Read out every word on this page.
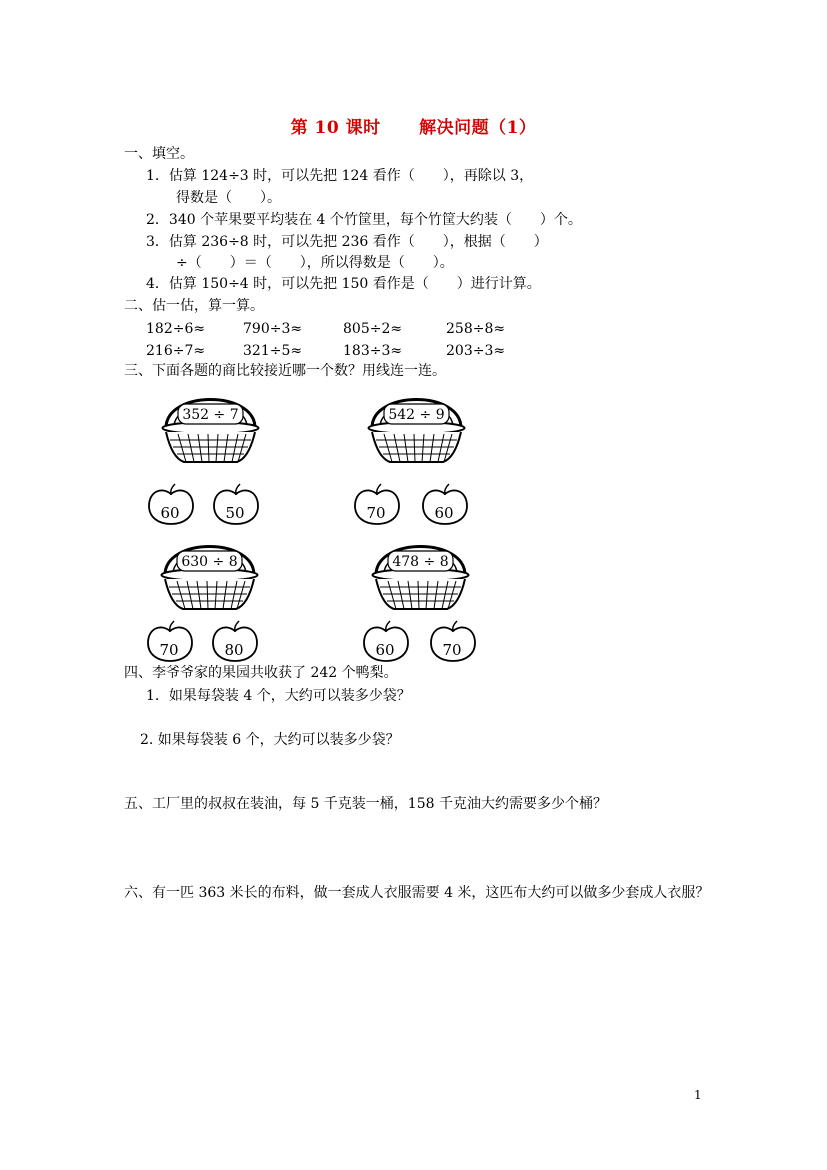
第 10 课时      解决问题（1）
一、填空。
1．估算 124÷3 时，可以先把 124 看作（　　），再除以 3，
得数是（　　）。
2．340 个苹果要平均装在 4 个竹筐里，每个竹筐大约装（　　）个。
3．估算 236÷8 时，可以先把 236 看作（　　），根据（　　）
÷（　　）＝（　　），所以得数是（　　）。
4．估算 150÷4 时，可以先把 150 看作是（　　）进行计算。
二、估一估，算一算。
182÷6≈	790÷3≈	805÷2≈	258÷8≈
216÷7≈	321÷5≈	183÷3≈	203÷3≈
三、下面各题的商比较接近哪一个数？用线连一连。
352 ÷ 7	542 ÷ 9
60	50	70	60
630 ÷ 8	478 ÷ 8
70	80	60	70
四、李爷爷家的果园共收获了 242 个鸭梨。
1．如果每袋装 4 个，大约可以装多少袋？
2. 如果每袋装 6 个，大约可以装多少袋？
五、工厂里的叔叔在装油，每 5 千克装一桶，158 千克油大约需要多少个桶？
六、有一匹 363 米长的布料，做一套成人衣服需要 4 米，这匹布大约可以做多少套成人衣服？
1
